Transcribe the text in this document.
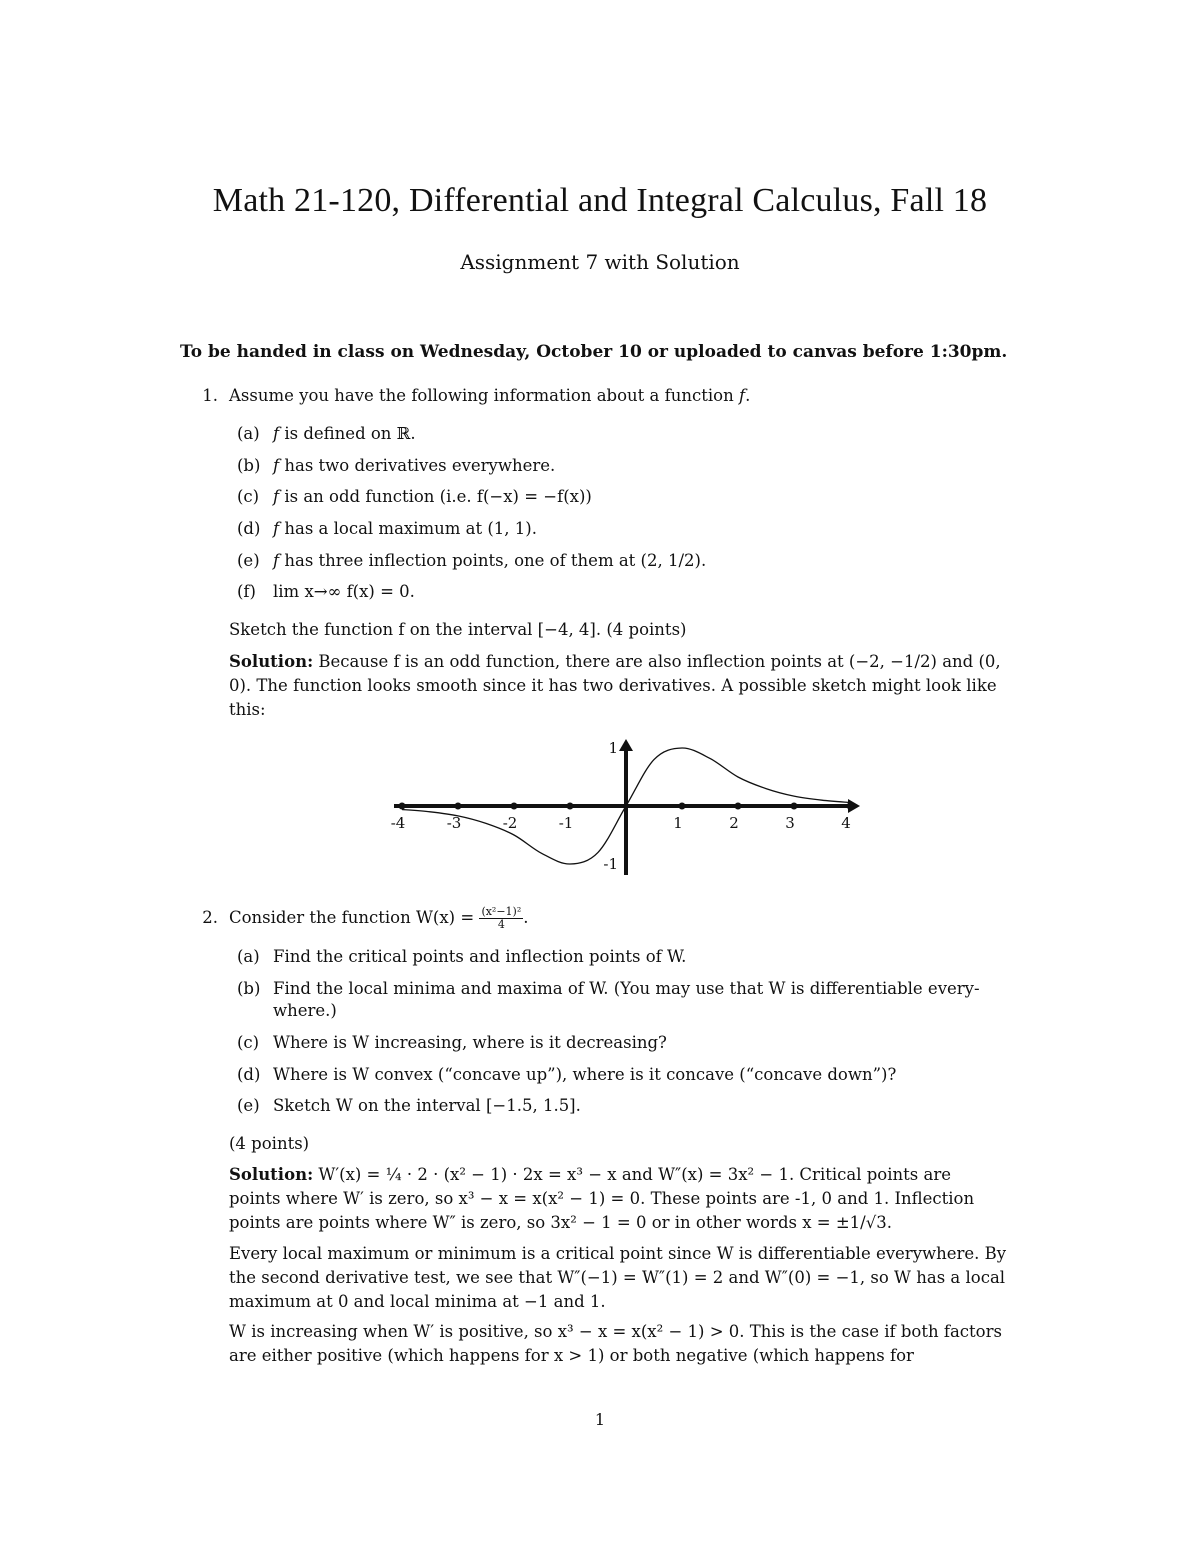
Math 21-120, Differential and Integral Calculus, Fall 18
Assignment 7 with Solution
To be handed in class on Wednesday, October 10 or uploaded to canvas before 1:30pm.
1. Assume you have the following information about a function f.
(a) f is defined on ℝ.
(b) f has two derivatives everywhere.
(c) f is an odd function (i.e. f(−x) = −f(x))
(d) f has a local maximum at (1, 1).
(e) f has three inflection points, one of them at (2, 1/2).
(f) lim x→∞ f(x) = 0.
Sketch the function f on the interval [−4, 4]. (4 points)
Solution: Because f is an odd function, there are also inflection points at (−2, −1/2) and (0, 0). The function looks smooth since it has two derivatives. A possible sketch might look like this:
-4	-3	-2	-1	1	2	3	4
1
-1
2. Consider the function $W(x) = \frac{\text{(x²−1)²}}{4}$ .
(a) Find the critical points and inflection points of W.
(b) Find the local minima and maxima of W. (You may use that W is differentiable every-
where.)
(c) Where is W increasing, where is it decreasing?
(d) Where is W convex (“concave up”), where is it concave (“concave down”)?
(e) Sketch W on the interval [−1.5, 1.5].
(4 points)
Solution: W′(x) = ¼ · 2 · (x² − 1) · 2x = x³ − x and W″(x) = 3x² − 1. Critical points are
points where W′ is zero, so x³ − x = x(x² − 1) = 0. These points are -1, 0 and 1. Inflection
points are points where W″ is zero, so 3x² − 1 = 0 or in other words x = ±1/√3.
Every local maximum or minimum is a critical point since W is differentiable everywhere. By the second derivative test, we see that W″(−1) = W″(1) = 2 and W″(0) = −1, so W has a local maximum at 0 and local minima at −1 and 1.
W is increasing when W′ is positive, so x³ − x = x(x² − 1) > 0. This is the case if both factors are either positive (which happens for x > 1) or both negative (which happens for
1
